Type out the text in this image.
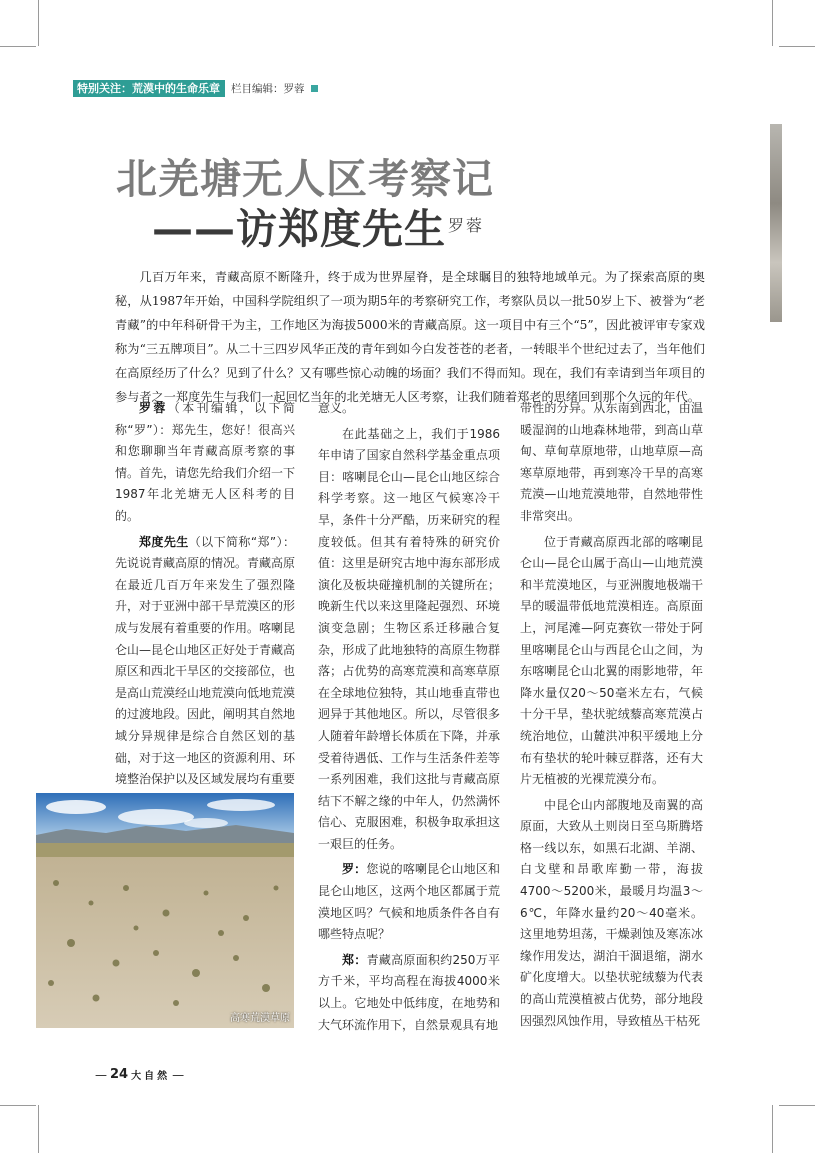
特别关注：荒漠中的生命乐章	栏目编辑：罗蓉
北羌塘无人区考察记
——访郑度先生 罗蓉

几百万年来，青藏高原不断隆升，终于成为世界屋脊，是全球瞩目的独特地域单元。为了探索高原的奥秘，从1987年开始，中国科学院组织了一项为期5年的考察研究工作，考察队员以一批50岁上下、被誉为“老青藏”的中年科研骨干为主，工作地区为海拔5000米的青藏高原。这一项目中有三个“5”，因此被评审专家戏称为“三五牌项目”。从二十三四岁风华正茂的青年到如今白发苍苍的老者，一转眼半个世纪过去了，当年他们在高原经历了什么？见到了什么？又有哪些惊心动魄的场面？我们不得而知。现在，我们有幸请到当年项目的参与者之一郑度先生与我们一起回忆当年的北羌塘无人区考察，让我们随着郑老的思绪回到那个久远的年代。

罗蓉（本刊编辑，以下简称“罗”）：郑先生，您好！很高兴和您聊聊当年青藏高原考察的事情。首先，请您先给我们介绍一下1987年北羌塘无人区科考的目的。

郑度先生（以下简称“郑”）：先说说青藏高原的情况。青藏高原在最近几百万年来发生了强烈隆升，对于亚洲中部干旱荒漠区的形成与发展有着重要的作用。喀喇昆仑山—昆仑山地区正好处于青藏高原区和西北干旱区的交接部位，也是高山荒漠经山地荒漠向低地荒漠的过渡地段。因此，阐明其自然地域分异规律是综合自然区划的基础，对于这一地区的资源利用、环境整治保护以及区域发展均有重要

意义。

在此基础之上，我们于1986年申请了国家自然科学基金重点项目：喀喇昆仑山—昆仑山地区综合科学考察。这一地区气候寒冷干旱，条件十分严酷，历来研究的程度较低。但其有着特殊的研究价值：这里是研究古地中海东部形成演化及板块碰撞机制的关键所在；晚新生代以来这里隆起强烈、环境演变急剧；生物区系迁移融合复杂，形成了此地独特的高原生物群落；占优势的高寒荒漠和高寒草原在全球地位独特，其山地垂直带也迥异于其他地区。所以，尽管很多人随着年龄增长体质在下降，并承受着待遇低、工作与生活条件差等一系列困难，我们这批与青藏高原结下不解之缘的中年人，仍然满怀信心、克服困难，积极争取承担这一艰巨的任务。

罗：您说的喀喇昆仑山地区和昆仑山地区，这两个地区都属于荒漠地区吗？气候和地质条件各自有哪些特点呢？

郑：青藏高原面积约250万平方千米，平均高程在海拔4000米以上。它地处中低纬度，在地势和大气环流作用下，自然景观具有地

带性的分异。从东南到西北，由温暖湿润的山地森林地带，到高山草甸、草甸草原地带，山地草原—高寒草原地带，再到寒冷干旱的高寒荒漠—山地荒漠地带，自然地带性非常突出。

位于青藏高原西北部的喀喇昆仑山—昆仑山属于高山—山地荒漠和半荒漠地区，与亚洲腹地极端干旱的暖温带低地荒漠相连。高原面上，河尾滩—阿克赛钦一带处于阿里喀喇昆仑山与西昆仑山之间，为东喀喇昆仑山北翼的雨影地带，年降水量仅20～50毫米左右，气候十分干旱，垫状驼绒藜高寒荒漠占统治地位，山麓洪冲积平缓地上分布有垫状的轮叶棘豆群落，还有大片无植被的光裸荒漠分布。

中昆仑山内部腹地及南翼的高原面，大致从土则岗日至乌斯腾塔格一线以东，如黑石北湖、羊湖、白戈壁和昂歌库勤一带，海拔4700～5200米，最暖月均温3～6℃，年降水量约20～40毫米。这里地势坦荡，干燥剥蚀及寒冻冰缘作用发达，湖泊干涸退缩，湖水矿化度增大。以垫状驼绒藜为代表的高山荒漠植被占优势，部分地段因强烈风蚀作用，导致植丛干枯死

高寒荒漠草原
— 24 大自然 —
